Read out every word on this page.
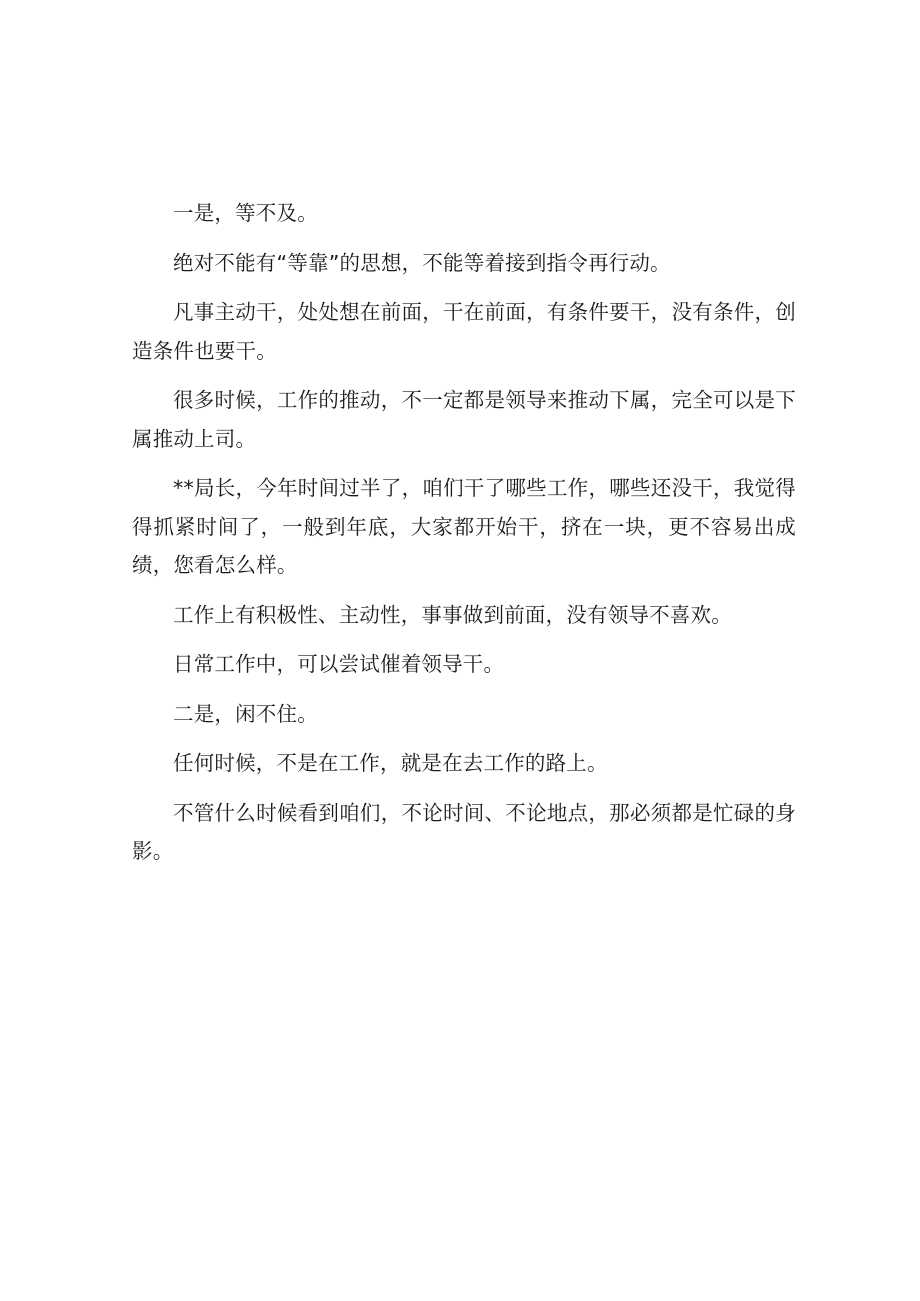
一是，等不及。

绝对不能有“等靠”的思想，不能等着接到指令再行动。

凡事主动干，处处想在前面，干在前面，有条件要干，没有条件，创造条件也要干。

很多时候，工作的推动，不一定都是领导来推动下属，完全可以是下属推动上司。

**局长，今年时间过半了，咱们干了哪些工作，哪些还没干，我觉得得抓紧时间了，一般到年底，大家都开始干，挤在一块，更不容易出成绩，您看怎么样。

工作上有积极性、主动性，事事做到前面，没有领导不喜欢。

日常工作中，可以尝试催着领导干。

二是，闲不住。

任何时候，不是在工作，就是在去工作的路上。

不管什么时候看到咱们，不论时间、不论地点，那必须都是忙碌的身影。
